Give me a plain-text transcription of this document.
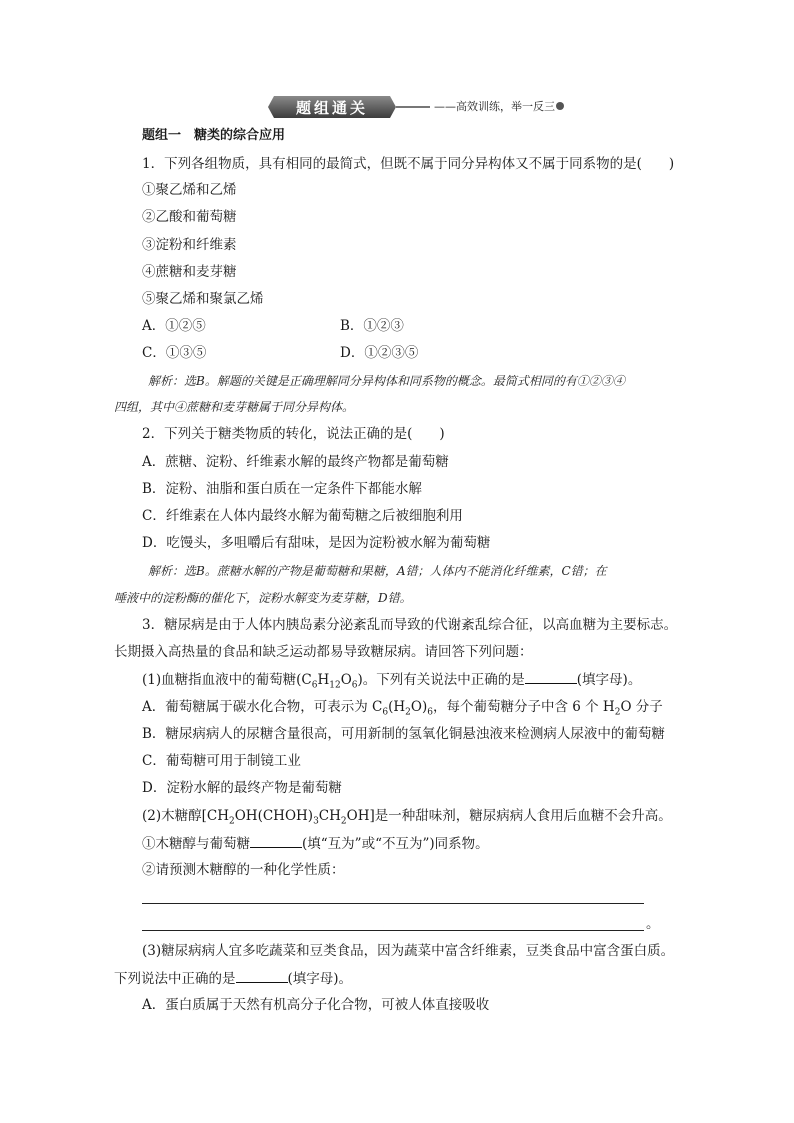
题组通关	——高效训练，举一反三
题组一　糖类的综合应用
1．下列各组物质，具有相同的最简式，但既不属于同分异构体又不属于同系物的是(　　)
①聚乙烯和乙烯
②乙酸和葡萄糖
③淀粉和纤维素
④蔗糖和麦芽糖
⑤聚乙烯和聚氯乙烯
A．①②⑤	B．①②③
C．①③⑤	D．①②③⑤
解析：选B。解题的关键是正确理解同分异构体和同系物的概念。最简式相同的有①②③④
四组，其中④蔗糖和麦芽糖属于同分异构体。
2．下列关于糖类物质的转化，说法正确的是(　　)
A．蔗糖、淀粉、纤维素水解的最终产物都是葡萄糖
B．淀粉、油脂和蛋白质在一定条件下都能水解
C．纤维素在人体内最终水解为葡萄糖之后被细胞利用
D．吃馒头，多咀嚼后有甜味，是因为淀粉被水解为葡萄糖
解析：选B。蔗糖水解的产物是葡萄糖和果糖，A错；人体内不能消化纤维素，C错；在
唾液中的淀粉酶的催化下，淀粉水解变为麦芽糖，D错。
3．糖尿病是由于人体内胰岛素分泌紊乱而导致的代谢紊乱综合征，以高血糖为主要标志。
长期摄入高热量的食品和缺乏运动都易导致糖尿病。请回答下列问题：
(1)血糖指血液中的葡萄糖$(C_6H_{12}O_6)$。下列有关说法中正确的是	(填字母)。
A．葡萄糖属于碳水化合物，可表示为 $C_6(H_2O)_6$，每个葡萄糖分子中含 6 个 $H_2O$ 分子
B．糖尿病病人的尿糖含量很高，可用新制的氢氧化铜悬浊液来检测病人尿液中的葡萄糖
C．葡萄糖可用于制镜工业
D．淀粉水解的最终产物是葡萄糖
(2)木糖醇$[CH_2OH(CHOH)_3CH_2OH]$是一种甜味剂，糖尿病病人食用后血糖不会升高。
①木糖醇与葡萄糖	(填“互为”或“不互为”)同系物。
②请预测木糖醇的一种化学性质：
。
(3)糖尿病病人宜多吃蔬菜和豆类食品，因为蔬菜中富含纤维素，豆类食品中富含蛋白质。
下列说法中正确的是	(填字母)。
A．蛋白质属于天然有机高分子化合物，可被人体直接吸收
